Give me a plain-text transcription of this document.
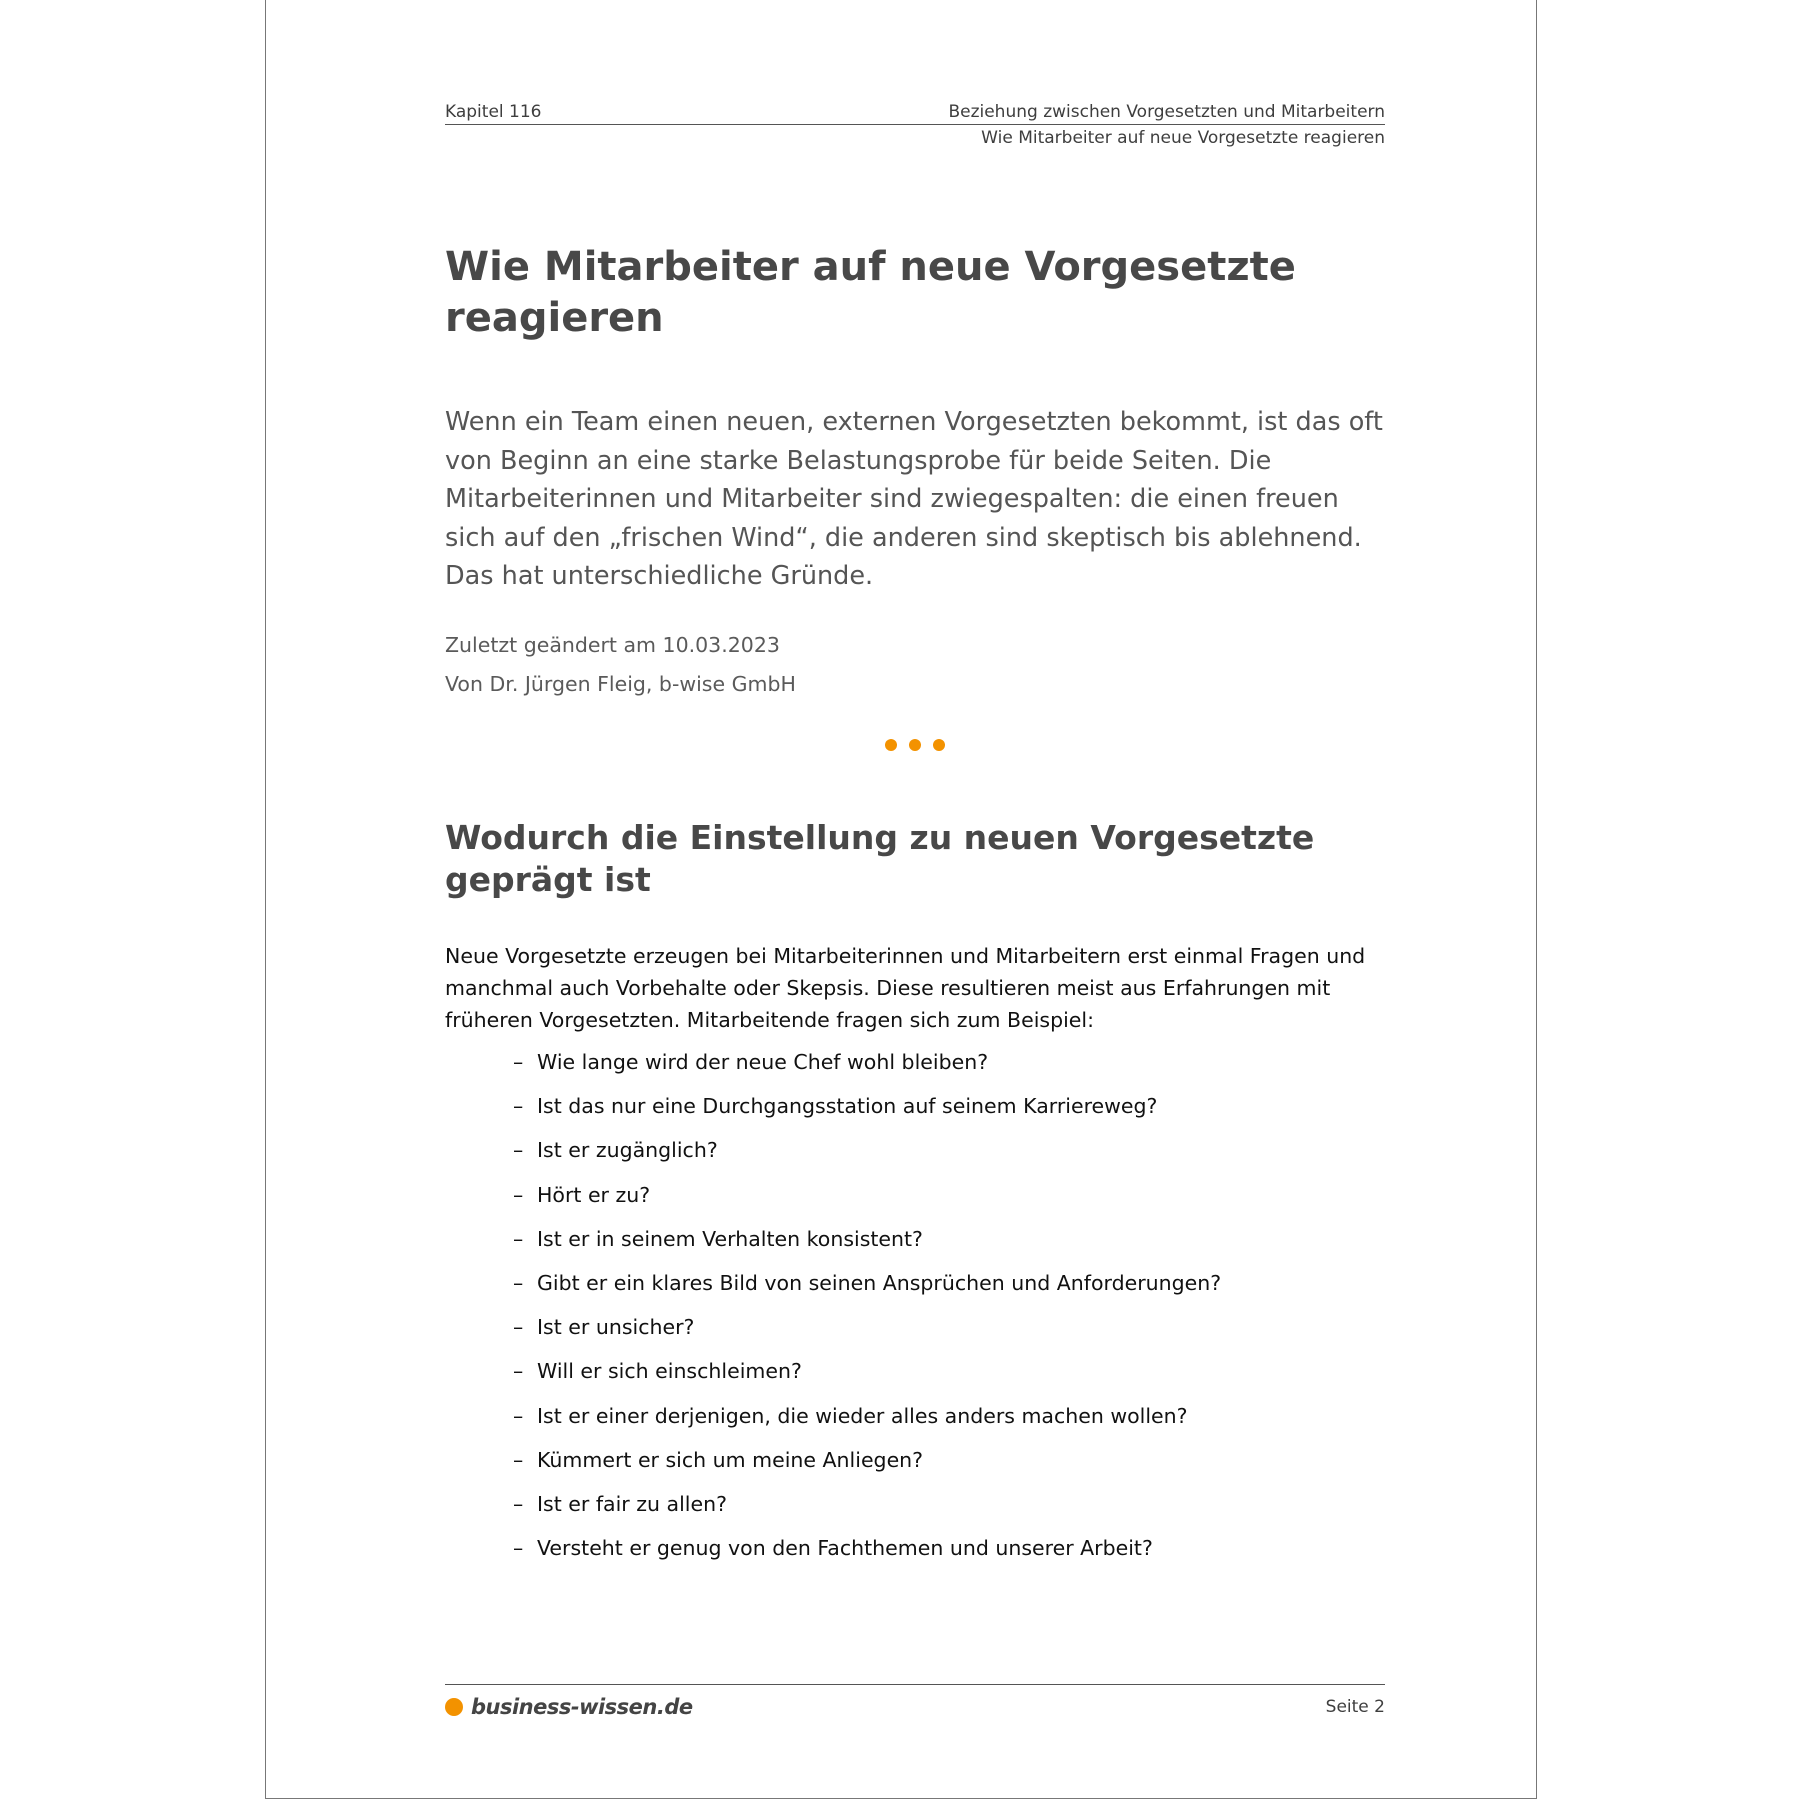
Kapitel 116	Beziehung zwischen Vorgesetzten und Mitarbeitern
Wie Mitarbeiter auf neue Vorgesetzte reagieren
Wie Mitarbeiter auf neue Vorgesetzte reagieren

Wenn ein Team einen neuen, externen Vorgesetzten bekommt, ist das oft von Beginn an eine starke Belastungsprobe für beide Seiten. Die Mitarbeiterinnen und Mitarbeiter sind zwiegespalten: die einen freuen sich auf den „frischen Wind“, die anderen sind skeptisch bis ablehnend. Das hat unterschiedliche Gründe.

Zuletzt geändert am 10.03.2023

Von Dr. Jürgen Fleig, b-wise GmbH

Wodurch die Einstellung zu neuen Vorgesetzte geprägt ist

Neue Vorgesetzte erzeugen bei Mitarbeiterinnen und Mitarbeitern erst einmal Fragen und manchmal auch Vorbehalte oder Skepsis. Diese resultieren meist aus Erfahrungen mit früheren Vorgesetzten. Mitarbeitende fragen sich zum Beispiel:

– Wie lange wird der neue Chef wohl bleiben?
– Ist das nur eine Durchgangsstation auf seinem Karriereweg?
– Ist er zugänglich?
– Hört er zu?
– Ist er in seinem Verhalten konsistent?
– Gibt er ein klares Bild von seinen Ansprüchen und Anforderungen?
– Ist er unsicher?
– Will er sich einschleimen?
– Ist er einer derjenigen, die wieder alles anders machen wollen?
– Kümmert er sich um meine Anliegen?
– Ist er fair zu allen?
– Versteht er genug von den Fachthemen und unserer Arbeit?
business-wissen.de	Seite 2
